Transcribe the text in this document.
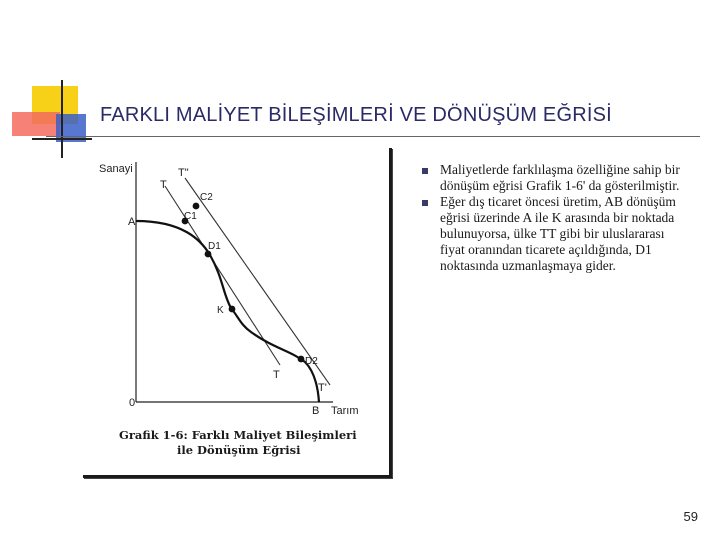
FARKLI MALİYET BİLEŞİMLERİ VE DÖNÜŞÜM EĞRİSİ
Sanayi
Tarım
0
A
B
T
T"
T
T'
C2
C1
D1
K
D2
Grafik 1-6: Farklı Maliyet Bileşimleri
ile Dönüşüm Eğrisi
Maliyetlerde farklılaşma özelliğine sahip bir dönüşüm eğrisi Grafik 1-6' da gösterilmiştir.
Eğer dış ticaret öncesi üretim, AB dönüşüm eğrisi üzerinde A ile K arasında bir noktada bulunuyorsa, ülke TT gibi bir uluslararası fiyat oranından ticarete açıldığında, D1 noktasında uzmanlaşmaya gider.
59
